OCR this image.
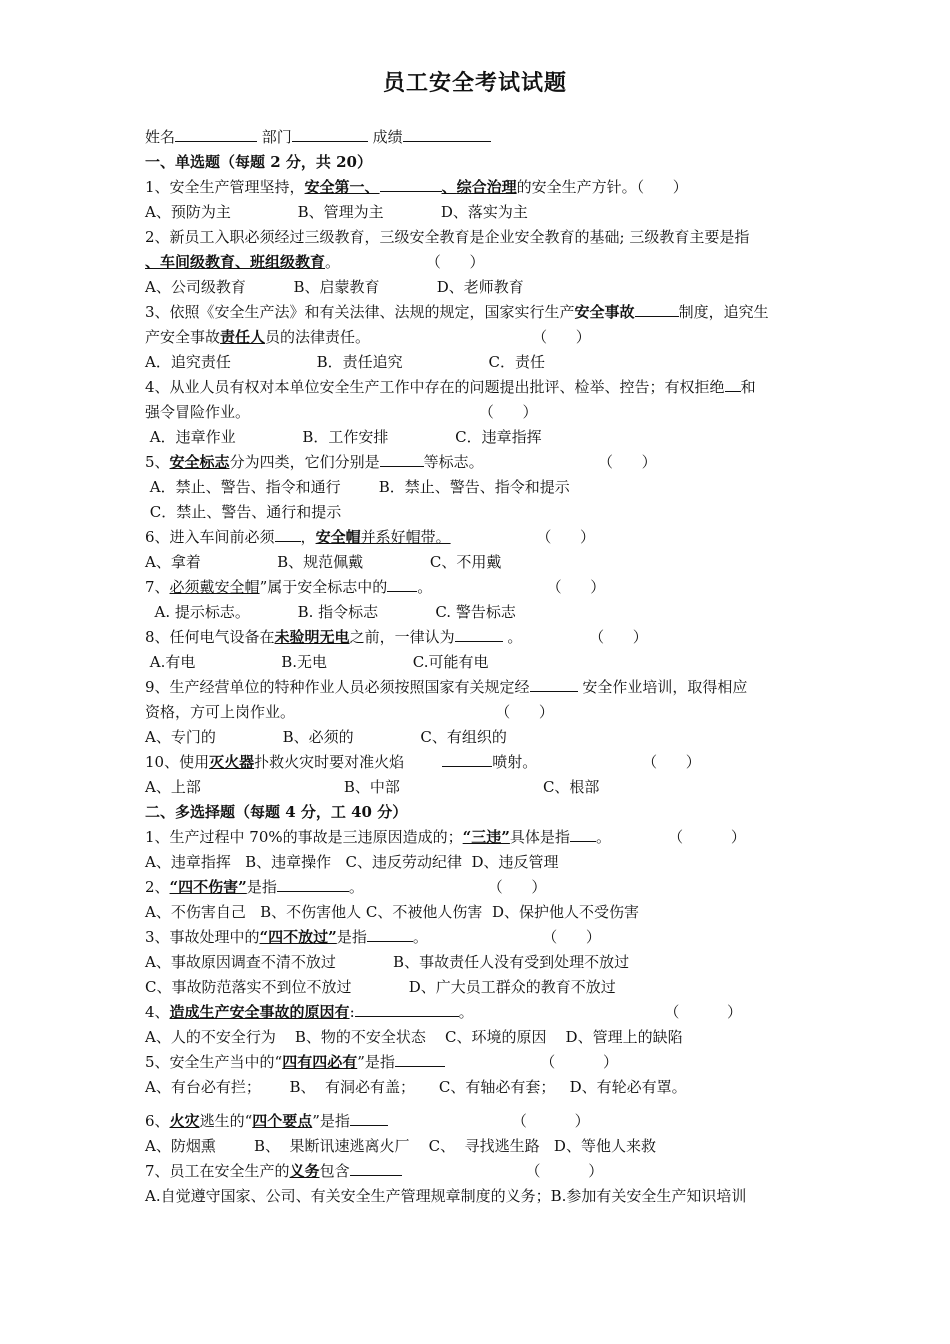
员工安全考试试题
姓名	部门	成绩
一、单选题（每题 2 分，共 20）
1、安全生产管理坚持，安全第一、	、综合治理的安全生产方针。（      ）
A、预防为主              B、管理为主            D、落实为主
2、新员工入职必须经过三级教育，三级安全教育是企业安全教育的基础; 三级教育主要是指
、车间级教育、班组级教育。                  （      ）
A、公司级教育          B、启蒙教育            D、老师教育
3、依照《安全生产法》和有关法律、法规的规定，国家实行生产安全事故	制度，追究生
产安全事故责任人员的法律责任。                                  （      ）
A．追究责任                  B．责任追究                  C．责任
4、从业人员有权对本单位安全生产工作中存在的问题提出批评、检举、控告；有权拒绝 和
强令冒险作业。                                                （      ）
A．违章作业              B．工作安排              C．违章指挥
5、安全标志分为四类，它们分别是	等标志。                        （      ）
A．禁止、警告、指令和通行        B．禁止、警告、指令和提示
C．禁止、警告、通行和提示
6、进入车间前必须 ，安全帽并系好帽带。                  （      ）
A、拿着                B、规范佩戴              C、不用戴
7、必须戴安全帽”属于安全标志中的 。                        （      ）
A. 提示标志。          B. 指令标志            C. 警告标志
8、任何电气设备在未验明无电之前，一律认为	。              （      ）
A.有电                  B.无电                  C.可能有电
9、生产经营单位的特种作业人员必须按照国家有关规定经	安全作业培训，取得相应
资格，方可上岗作业。                                          （      ）
A、专门的              B、必须的              C、有组织的
10、使用灭火器扑救火灾时要对准火焰	喷射。                      （      ）
A、上部                              B、中部                              C、根部
二、多选择题（每题 4 分，工 40 分）
1、生产过程中 70%的事故是三违原因造成的；“三违”具体是指 。            （          ）
A、违章指挥   B、违章操作   C、违反劳动纪律  D、违反管理
2、“四不伤害”是指	。                          （      ）
A、不伤害自己   B、不伤害他人 C、不被他人伤害  D、保护他人不受伤害
3、事故处理中的“四不放过”是指	。                        （      ）
A、事故原因调查不清不放过            B、事故责任人没有受到处理不放过
C、事故防范落实不到位不放过            D、广大员工群众的教育不放过
4、造成生产安全事故的原因有:	。                                        （          ）
A、人的不安全行为    B、物的不安全状态    C、环境的原因    D、管理上的缺陷
5、安全生产当中的“四有四必有”是指	（          ）
A、有台必有拦；      B、  有洞必有盖；     C、有轴必有套；   D、有轮必有罩。
6、火灾逃生的“四个要点”是指	（          ）
A、防烟熏        B、  果断讯速逃离火厂    C、  寻找逃生路   D、等他人来救
7、员工在安全生产的义务包含	（          ）
A.自觉遵守国家、公司、有关安全生产管理规章制度的义务；B.参加有关安全生产知识培训
